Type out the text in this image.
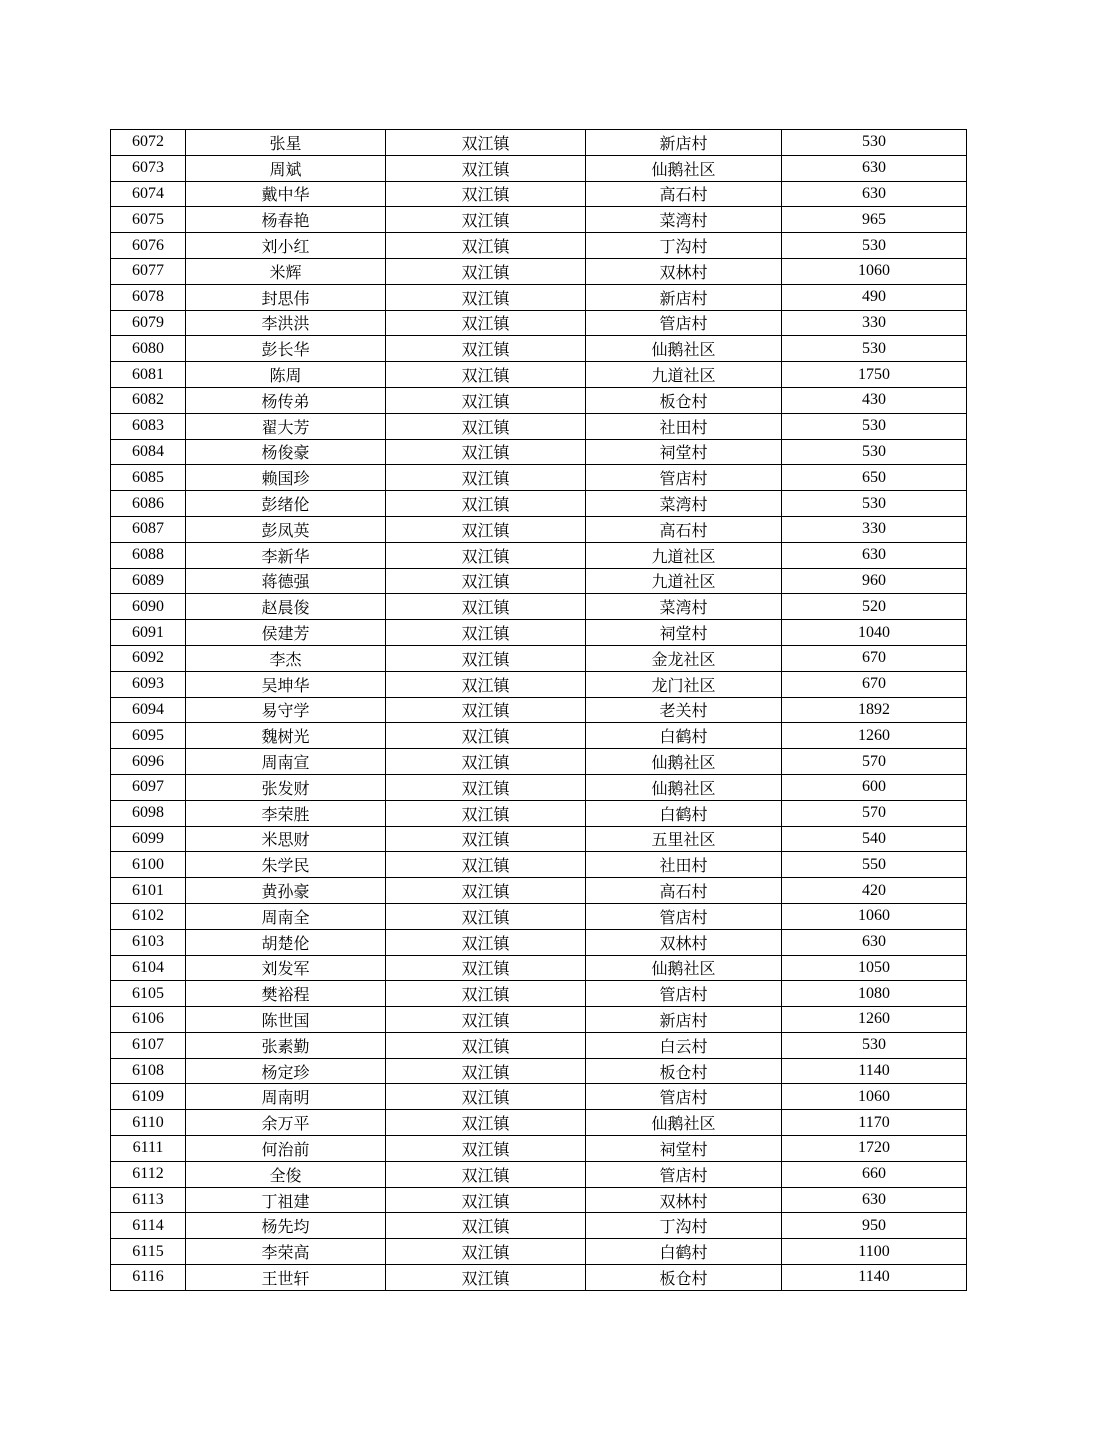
6072	张星	双江镇	新店村	530
6073	周斌	双江镇	仙鹅社区	630
6074	戴中华	双江镇	高石村	630
6075	杨春艳	双江镇	菜湾村	965
6076	刘小红	双江镇	丁沟村	530
6077	米辉	双江镇	双林村	1060
6078	封思伟	双江镇	新店村	490
6079	李洪洪	双江镇	管店村	330
6080	彭长华	双江镇	仙鹅社区	530
6081	陈周	双江镇	九道社区	1750
6082	杨传弟	双江镇	板仓村	430
6083	翟大芳	双江镇	社田村	530
6084	杨俊豪	双江镇	祠堂村	530
6085	赖国珍	双江镇	管店村	650
6086	彭绪伦	双江镇	菜湾村	530
6087	彭凤英	双江镇	高石村	330
6088	李新华	双江镇	九道社区	630
6089	蒋德强	双江镇	九道社区	960
6090	赵晨俊	双江镇	菜湾村	520
6091	侯建芳	双江镇	祠堂村	1040
6092	李杰	双江镇	金龙社区	670
6093	吴坤华	双江镇	龙门社区	670
6094	易守学	双江镇	老关村	1892
6095	魏树光	双江镇	白鹤村	1260
6096	周南宣	双江镇	仙鹅社区	570
6097	张发财	双江镇	仙鹅社区	600
6098	李荣胜	双江镇	白鹤村	570
6099	米思财	双江镇	五里社区	540
6100	朱学民	双江镇	社田村	550
6101	黄孙豪	双江镇	高石村	420
6102	周南全	双江镇	管店村	1060
6103	胡楚伦	双江镇	双林村	630
6104	刘发军	双江镇	仙鹅社区	1050
6105	樊裕程	双江镇	管店村	1080
6106	陈世国	双江镇	新店村	1260
6107	张素勤	双江镇	白云村	530
6108	杨定珍	双江镇	板仓村	1140
6109	周南明	双江镇	管店村	1060
6110	余万平	双江镇	仙鹅社区	1170
6111	何治前	双江镇	祠堂村	1720
6112	全俊	双江镇	管店村	660
6113	丁祖建	双江镇	双林村	630
6114	杨先均	双江镇	丁沟村	950
6115	李荣高	双江镇	白鹤村	1100
6116	王世轩	双江镇	板仓村	1140
